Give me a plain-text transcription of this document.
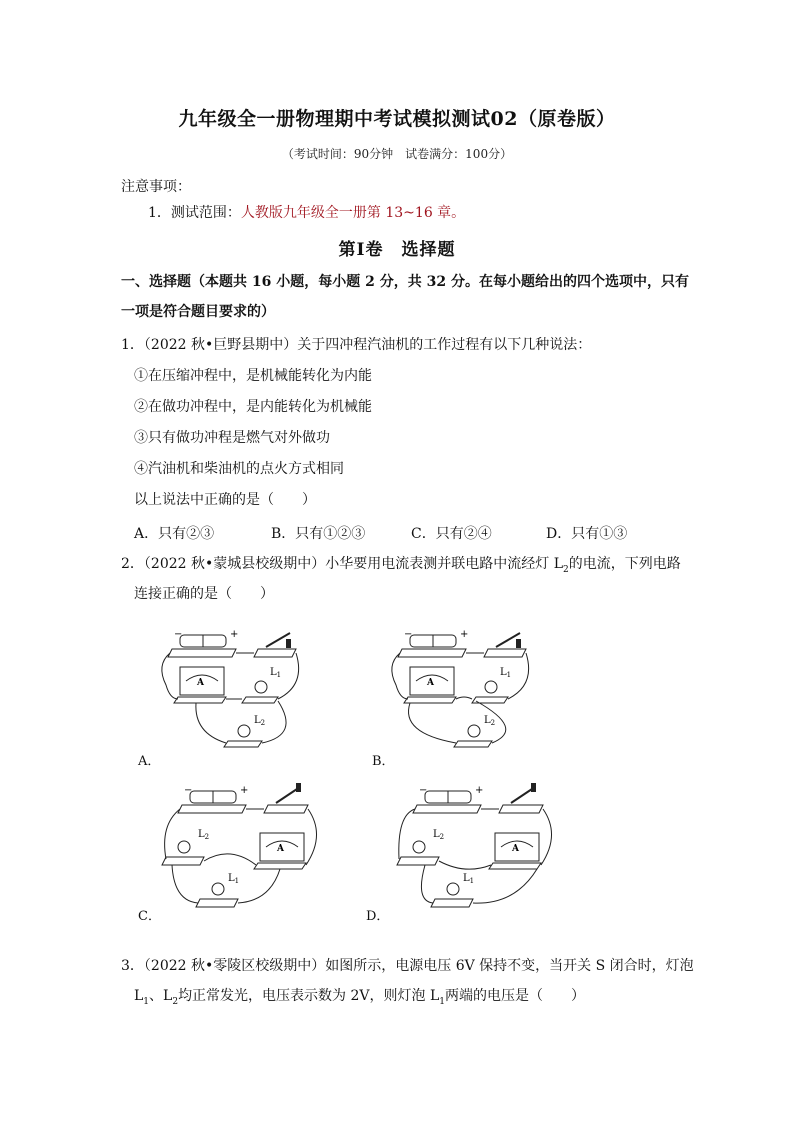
九年级全一册物理期中考试模拟测试02（原卷版）
（考试时间：90分钟　试卷满分：100分）
注意事项：
1．测试范围：人教版九年级全一册第 13~16 章。
第Ⅰ卷　选择题
一、选择题（本题共 16 小题，每小题 2 分，共 32 分。在每小题给出的四个选项中，只有
一项是符合题目要求的）
1．（2022 秋•巨野县期中）关于四冲程汽油机的工作过程有以下几种说法：
①在压缩冲程中，是机械能转化为内能
②在做功冲程中，是内能转化为机械能
③只有做功冲程是燃气对外做功
④汽油机和柴油机的点火方式相同
以上说法中正确的是（　　）
A．只有②③	B．只有①②③	C．只有②④	D．只有①③
2．（2022 秋•蒙城县校级期中）小华要用电流表测并联电路中流经灯 $L_2$的电流，下列电路
连接正确的是（　　）
−	+
A
$L_1$
$L_2$
A．
−	+
A
$L_1$
$L_2$
B．
−	+
$L_2$
A
$L_1$
C．
−	+
$L_2$
A
$L_1$
D．
3．（2022 秋•零陵区校级期中）如图所示，电源电压 6V 保持不变，当开关 S 闭合时，灯泡
$L_1$、$L_2$均正常发光，电压表示数为 2V，则灯泡 $L_1$两端的电压是（　　）
